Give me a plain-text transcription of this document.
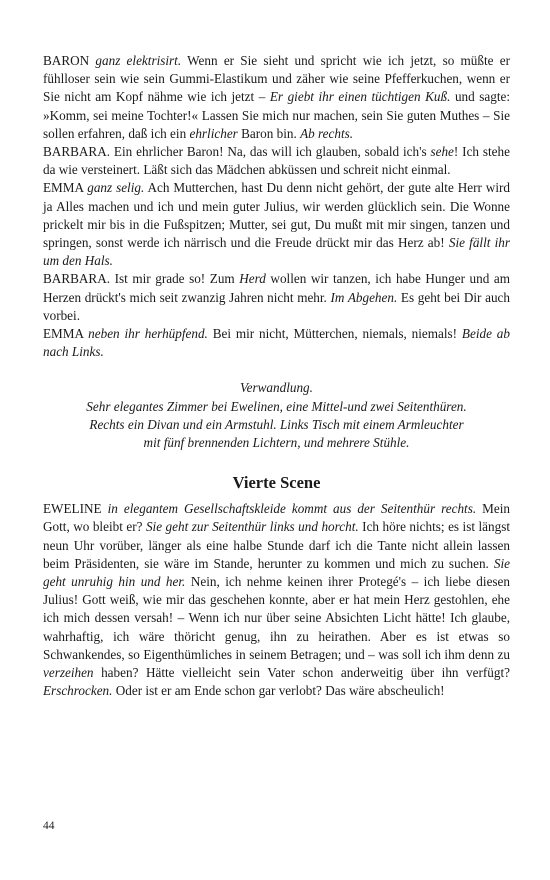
BARON ganz elektrisirt. Wenn er Sie sieht und spricht wie ich jetzt, so müßte er fühlloser sein wie sein Gummi-Elastikum und zäher wie seine Pfefferkuchen, wenn er Sie nicht am Kopf nähme wie ich jetzt – Er giebt ihr einen tüchtigen Kuß. und sagte: »Komm, sei meine Tochter!« Lassen Sie mich nur machen, sein Sie guten Muthes – Sie sollen erfahren, daß ich ein ehrlicher Baron bin. Ab rechts.

BARBARA. Ein ehrlicher Baron! Na, das will ich glauben, sobald ich's sehe! Ich stehe da wie versteinert. Läßt sich das Mädchen abküssen und schreit nicht einmal.

EMMA ganz selig. Ach Mutterchen, hast Du denn nicht gehört, der gute alte Herr wird ja Alles machen und ich und mein guter Julius, wir werden glücklich sein. Die Wonne prickelt mir bis in die Fußspitzen; Mutter, sei gut, Du mußt mit mir singen, tanzen und springen, sonst werde ich närrisch und die Freude drückt mir das Herz ab! Sie fällt ihr um den Hals.

BARBARA. Ist mir grade so! Zum Herd wollen wir tanzen, ich habe Hunger und am Herzen drückt's mich seit zwanzig Jahren nicht mehr. Im Abgehen. Es geht bei Dir auch vorbei.

EMMA neben ihr herhüpfend. Bei mir nicht, Mütterchen, niemals, niemals! Beide ab nach Links.

Verwandlung.
Sehr elegantes Zimmer bei Ewelinen, eine Mittel-und zwei Seitenthüren.
Rechts ein Divan und ein Armstuhl. Links Tisch mit einem Armleuchter
mit fünf brennenden Lichtern, und mehrere Stühle.
Vierte Scene

EWELINE in elegantem Gesellschaftskleide kommt aus der Seitenthür rechts. Mein Gott, wo bleibt er? Sie geht zur Seitenthür links und horcht. Ich höre nichts; es ist längst neun Uhr vorüber, länger als eine halbe Stunde darf ich die Tante nicht allein lassen beim Präsidenten, sie wäre im Stande, herunter zu kommen und mich zu suchen. Sie geht unruhig hin und her. Nein, ich nehme keinen ihrer Protegé's – ich liebe diesen Julius! Gott weiß, wie mir das geschehen konnte, aber er hat mein Herz gestohlen, ehe ich mich dessen versah! – Wenn ich nur über seine Absichten Licht hätte! Ich glaube, wahrhaftig, ich wäre thöricht genug, ihn zu heirathen. Aber es ist etwas so Schwankendes, so Eigenthümliches in seinem Betragen; und – was soll ich ihm denn zu verzeihen haben? Hätte vielleicht sein Vater schon anderweitig über ihn verfügt? Erschrocken. Oder ist er am Ende schon gar verlobt? Das wäre abscheulich!

44
